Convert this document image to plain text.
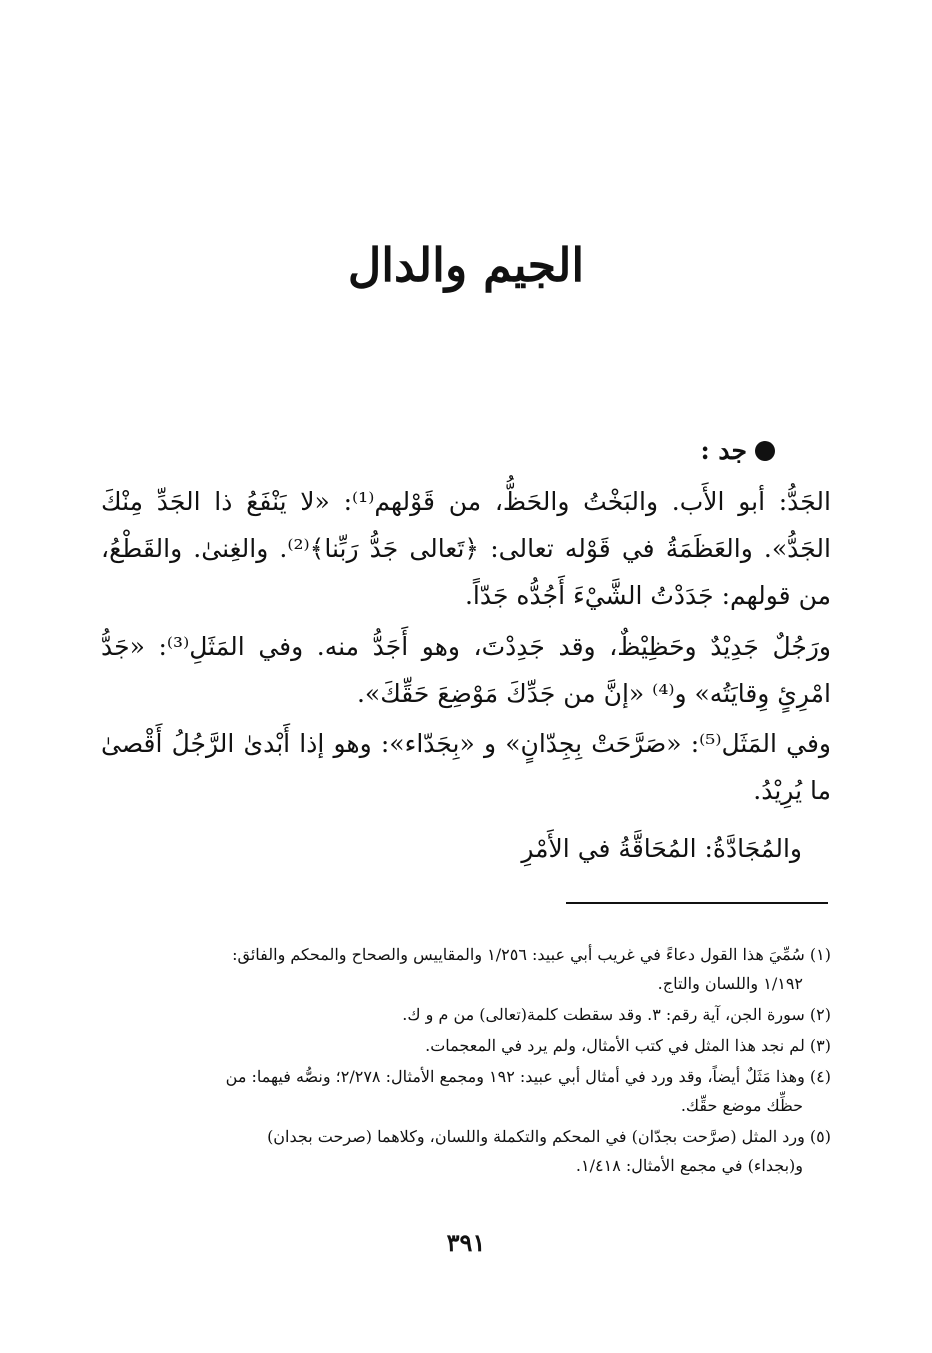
الجيم والدال
جد :
الجَدُّ: أبو الأَب. والبَخْتُ والحَظُّ، من قَوْلهم⁽¹⁾: «لا يَنْفَعُ ذا الجَدِّ مِنْكَ الجَدُّ». والعَظَمَةُ في قَوْله تعالى: ﴿تَعالى جَدُّ رَبِّنا﴾⁽²⁾. والغِنىٰ. والقَطْعُ، من قولهم: جَدَدْتُ الشَّيْءَ أَجُدُّه جَدّاً.
ورَجُلٌ جَدِيْدٌ وحَظِيْظٌ، وقد جَدِدْتَ، وهو أَجَدُّ منه. وفي المَثَلِ⁽³⁾: «جَدُّ امْرِئٍ وِقايَتُه» و⁽⁴⁾ «إنَّ من جَدِّكَ مَوْضِعَ حَقِّكَ».
وفي المَثَل⁽⁵⁾: «صَرَّحَتْ بِجِدّانٍ» و «بِجَدّاء»: وهو إذا أَبْدىٰ الرَّجُلُ أَقْصىٰ ما يُرِيْدُ.
والمُجَادَّةُ: المُحَاقَّةُ في الأَمْرِ
(١) سُمِّيَ هذا القول دعاءً في غريب أبي عبيد: ١/٢٥٦ والمقاييس والصحاح والمحكم والفائق:
١/١٩٢ واللسان والتاج.
(٢) سورة الجن، آية رقم: ٣. وقد سقطت كلمة(تعالى) من م و ك.
(٣) لم نجد هذا المثل في كتب الأمثال، ولم يرد في المعجمات.
(٤) وهذا مَثَلٌ أيضاً، وقد ورد في أمثال أبي عبيد: ١٩٢ ومجمع الأمثال: ٢/٢٧٨؛ ونصُّه فيهما: من
حظِّك موضع حقِّك.
(٥) ورد المثل (صرَّحت بجدّان) في المحكم والتكملة واللسان، وكلاهما (صرحت بجدان)
و(بجداء) في مجمع الأمثال: ١/٤١٨.
٣٩١
